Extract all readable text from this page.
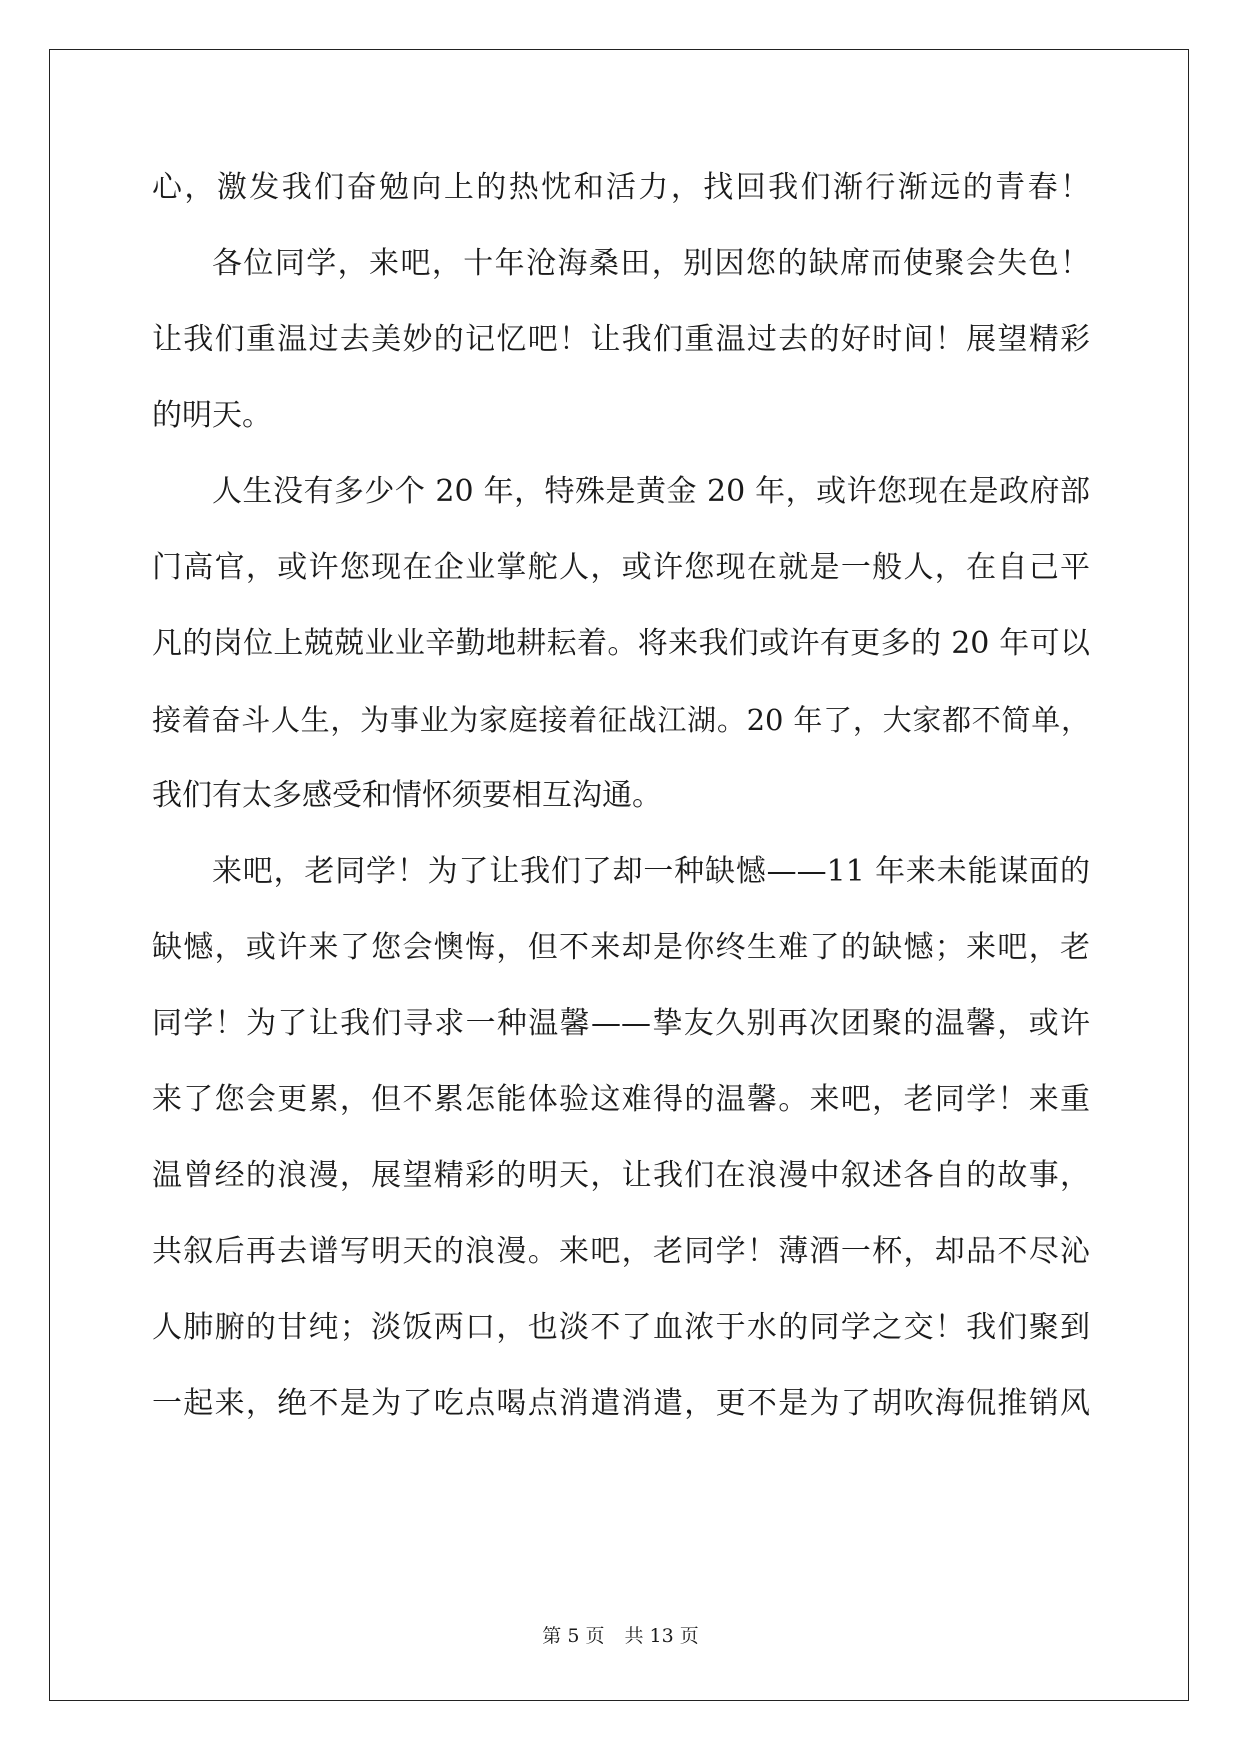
心，激发我们奋勉向上的热忱和活力，找回我们渐行渐远的青春！
各位同学，来吧，十年沧海桑田，别因您的缺席而使聚会失色！
让我们重温过去美妙的记忆吧！让我们重温过去的好时间！展望精彩
的明天。
人生没有多少个 20 年，特殊是黄金 20 年，或许您现在是政府部
门高官，或许您现在企业掌舵人，或许您现在就是一般人，在自己平
凡的岗位上兢兢业业辛勤地耕耘着。将来我们或许有更多的 20 年可以
接着奋斗人生，为事业为家庭接着征战江湖。20 年了，大家都不简单，
我们有太多感受和情怀须要相互沟通。
来吧，老同学！为了让我们了却一种缺憾——11 年来未能谋面的
缺憾，或许来了您会懊悔，但不来却是你终生难了的缺憾；来吧，老
同学！为了让我们寻求一种温馨——挚友久别再次团聚的温馨，或许
来了您会更累，但不累怎能体验这难得的温馨。来吧，老同学！来重
温曾经的浪漫，展望精彩的明天，让我们在浪漫中叙述各自的故事，
共叙后再去谱写明天的浪漫。来吧，老同学！薄酒一杯，却品不尽沁
人肺腑的甘纯；淡饭两口，也淡不了血浓于水的同学之交！我们聚到
一起来，绝不是为了吃点喝点消遣消遣，更不是为了胡吹海侃推销风
第 5 页 共 13 页
